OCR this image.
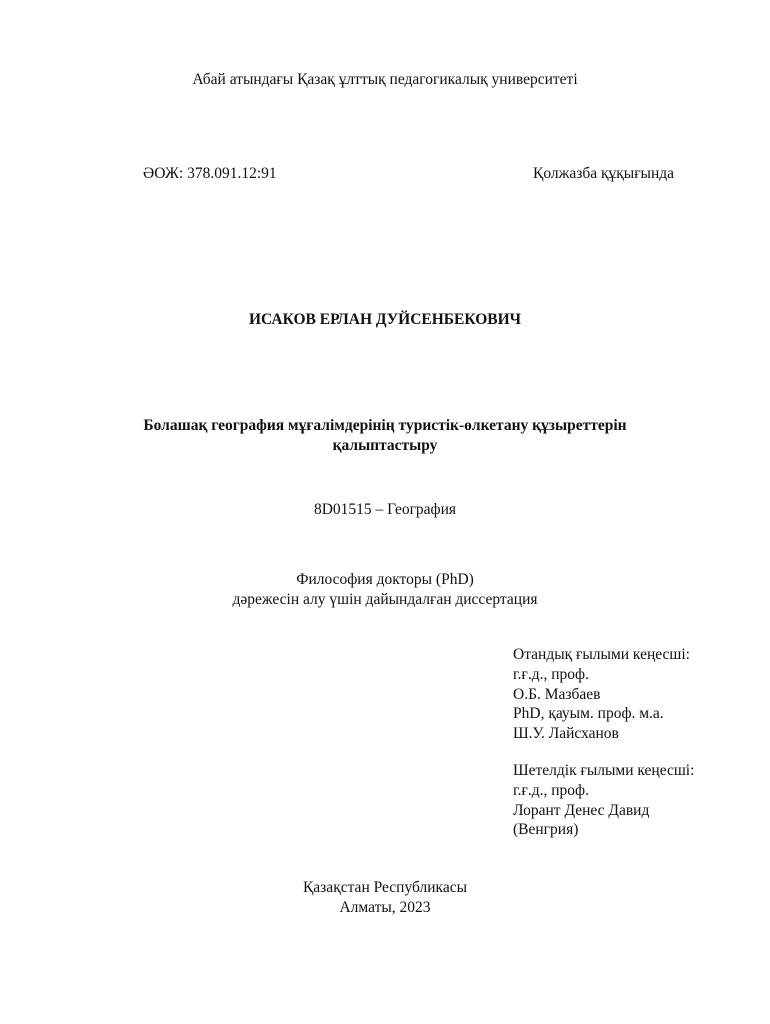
Абай атындағы Қазақ ұлттық педагогикалық университеті
ӘОЖ: 378.091.12:91	Қолжазба құқығында
ИСАКОВ ЕРЛАН ДУЙСЕНБЕКОВИЧ
Болашақ география мұғалімдерінің туристік-өлкетану құзыреттерін
қалыптастыру
8D01515 – География
Философия докторы (PhD)
дәрежесін алу үшін дайындалған диссертация
Отандық ғылыми кеңесші:
г.ғ.д., проф.
О.Б. Мазбаев
PhD, қауым. проф. м.а.
Ш.У. Лайсханов
Шетелдік ғылыми кеңесші:
г.ғ.д., проф.
Лорант Денес Давид
(Венгрия)
Қазақстан Республикасы
Алматы, 2023
